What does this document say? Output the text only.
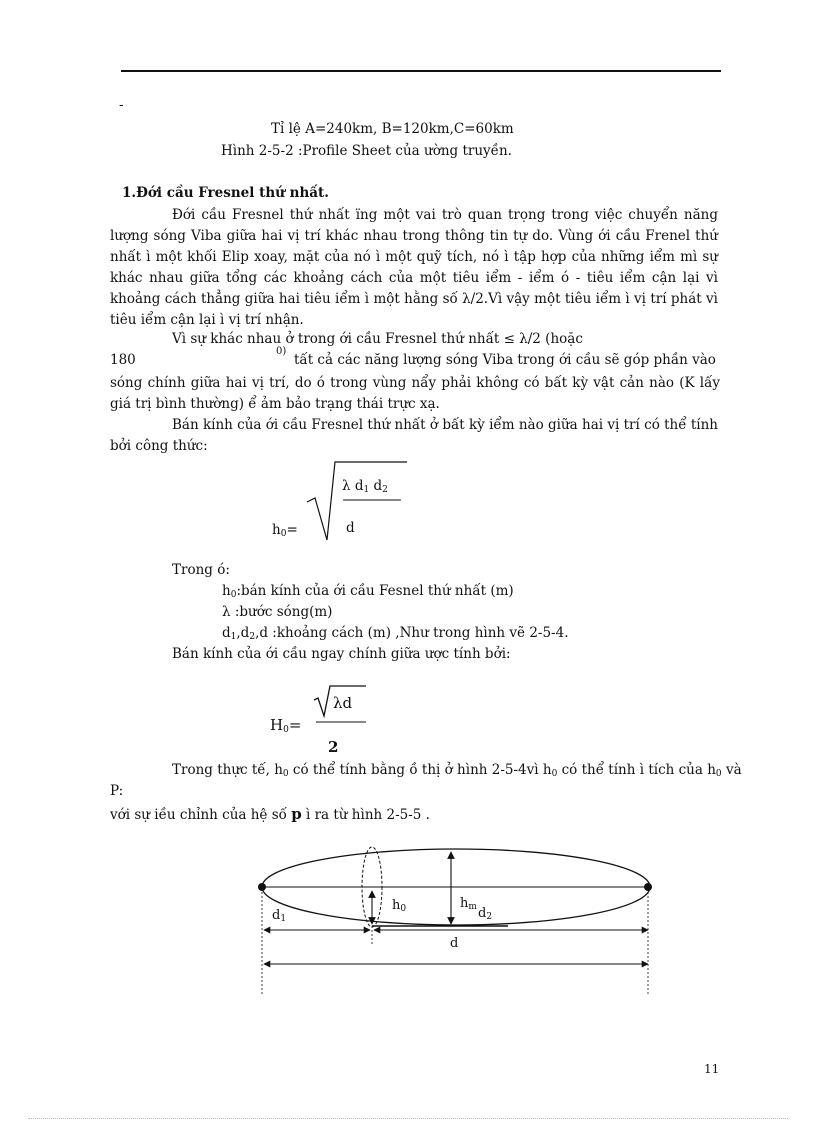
-
Tỉ lệ A=240km, B=120km,C=60km
Hình 2-5-2 :Profile Sheet của ường truyền.
1.Đới cầu Fresnel thứ nhất.
Đới cầu Fresnel thứ nhất ïng một vai trò quan trọng trong việc chuyển năng lượng sóng Viba giữa hai vị trí khác nhau trong thông tin tự do. Vùng ới cầu Frenel thứ nhất ì một khối Elip xoay, mặt của nó ì một quỹ tích, nó ì tập hợp của những iểm mì sự khác nhau giữa tổng các khoảng cách của một tiêu iểm - iểm ó - tiêu iểm cận lại vì khoảng cách thẳng giữa hai tiêu iểm ì một hằng số λ/2.Vì vậy một tiêu iểm ì vị trí phát vì tiêu iểm cận lại ì vị trí nhận.
Vì sự khác nhau ở trong ới cầu Fresnel thứ nhất ≤ λ/2 (hoặc
180
0)
tất cả các năng lượng sóng Viba trong ới cầu sẽ góp phần vào
sóng chính giữa hai vị trí, do ó trong vùng nẩy phải không có bất kỳ vật cản nào (K lấy giá trị bình thường) ể ảm bảo trạng thái trực xạ.
Bán kính của ới cầu Fresnel thứ nhất ở bất kỳ iểm nào giữa hai vị trí có thể tính bởi công thức:
$h_0=$
λ $d_1$ $d_2$
d
Trong ó:
$h_0:bán$ kính của ới cầu Fesnel thứ nhất (m)
λ :bước sóng(m)
$d_1,d_2,d$ :khoảng cách (m) ,Như trong hình vẽ 2-5-4.
Bán kính của ới cầu ngay chính giữa ược tính bởi:
$H_0=$
λd
2
Trong thực tế, $h_0$ có thể tính bằng ồ thị ở hình 2-5-4vì $h_0$ có thể tính ì tích của $h_0$ và
P:
với sự iều chỉnh của hệ số p ì ra từ hình 2-5-5 .
$h_0$	$h_m$ $d_2$
$d_1$
d
11
